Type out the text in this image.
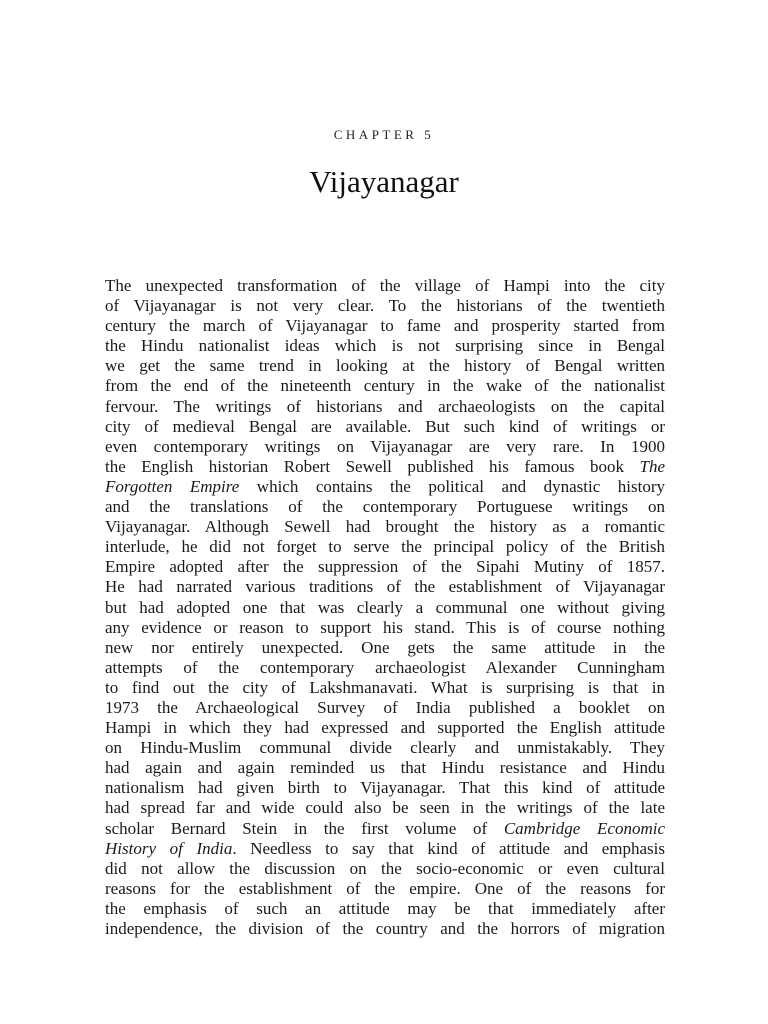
CHAPTER 5
Vijayanagar
The unexpected transformation of the village of Hampi into the city
of Vijayanagar is not very clear. To the historians of the twentieth
century the march of Vijayanagar to fame and prosperity started from
the Hindu nationalist ideas which is not surprising since in Bengal
we get the same trend in looking at the history of Bengal written
from the end of the nineteenth century in the wake of the nationalist
fervour. The writings of historians and archaeologists on the capital
city of medieval Bengal are available. But such kind of writings or
even contemporary writings on Vijayanagar are very rare. In 1900
the English historian Robert Sewell published his famous book The
Forgotten Empire which contains the political and dynastic history
and the translations of the contemporary Portuguese writings on
Vijayanagar. Although Sewell had brought the history as a romantic
interlude, he did not forget to serve the principal policy of the British
Empire adopted after the suppression of the Sipahi Mutiny of 1857.
He had narrated various traditions of the establishment of Vijayanagar
but had adopted one that was clearly a communal one without giving
any evidence or reason to support his stand. This is of course nothing
new nor entirely unexpected. One gets the same attitude in the
attempts of the contemporary archaeologist Alexander Cunningham
to find out the city of Lakshmanavati. What is surprising is that in
1973 the Archaeological Survey of India published a booklet on
Hampi in which they had expressed and supported the English attitude
on Hindu-Muslim communal divide clearly and unmistakably. They
had again and again reminded us that Hindu resistance and Hindu
nationalism had given birth to Vijayanagar. That this kind of attitude
had spread far and wide could also be seen in the writings of the late
scholar Bernard Stein in the first volume of Cambridge Economic
History of India. Needless to say that kind of attitude and emphasis
did not allow the discussion on the socio-economic or even cultural
reasons for the establishment of the empire. One of the reasons for
the emphasis of such an attitude may be that immediately after
independence, the division of the country and the horrors of migration
